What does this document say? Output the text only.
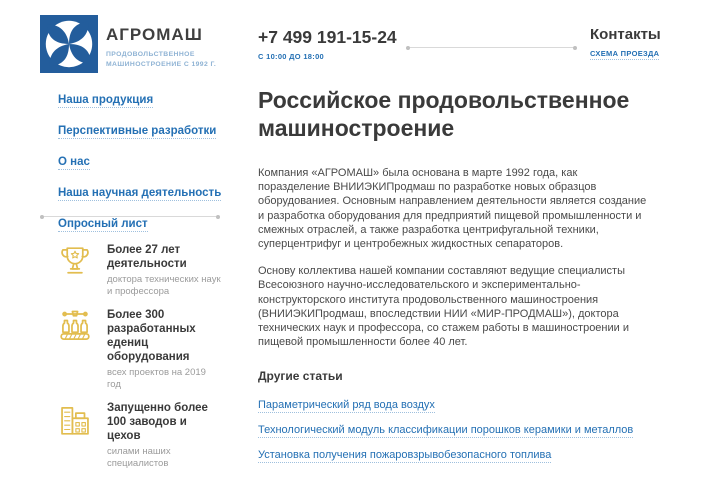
АГРОМАШ
ПРОДОВОЛЬСТВЕННОЕ
МАШИНОСТРОЕНИЕ С 1992 Г.
+7 499 191-15-24
С 10:00 ДО 18:00
Контакты
СХЕМА ПРОЕЗДА
Наша продукция
Перспективные разработки
О нас
Наша научная деятельность
Опросный лист
Более 27 лет деятельности
доктора технических наук и профессора
Более 300 разработанных едениц оборудования
всех проектов на 2019 год
Запущенно более 100 заводов и цехов
силами наших специалистов
Российское продовольственное машиностроение

Компания «АГРОМАШ» была основана в марте 1992 года, как поразделение ВНИИЭКИПродмаш по разработке новых образцов оборудованиея. Основным направлением деятельности является создание и разработка оборудования для предприятий пищевой промышленности и смежных отраслей, а также разработка центрифугальной техники, суперцентрифуг и центробежных жидкостных сепараторов.

Основу коллектива нашей компании составляют ведущие специалисты Всесоюзного научно-исследовательского и экспериментально- конструкторского института продовольственного машиностроения (ВНИИЭКИПродмаш, впоследствии НИИ «МИР-ПРОДМАШ»), доктора технических наук и профессора, со стажем работы в машиностроении и пищевой промышленности более 40 лет.

Другие статьи
Параметрический ряд вода воздух
Технологический модуль классификации порошков керамики и металлов
Установка получения пожаровзрывобезопасного топлива
